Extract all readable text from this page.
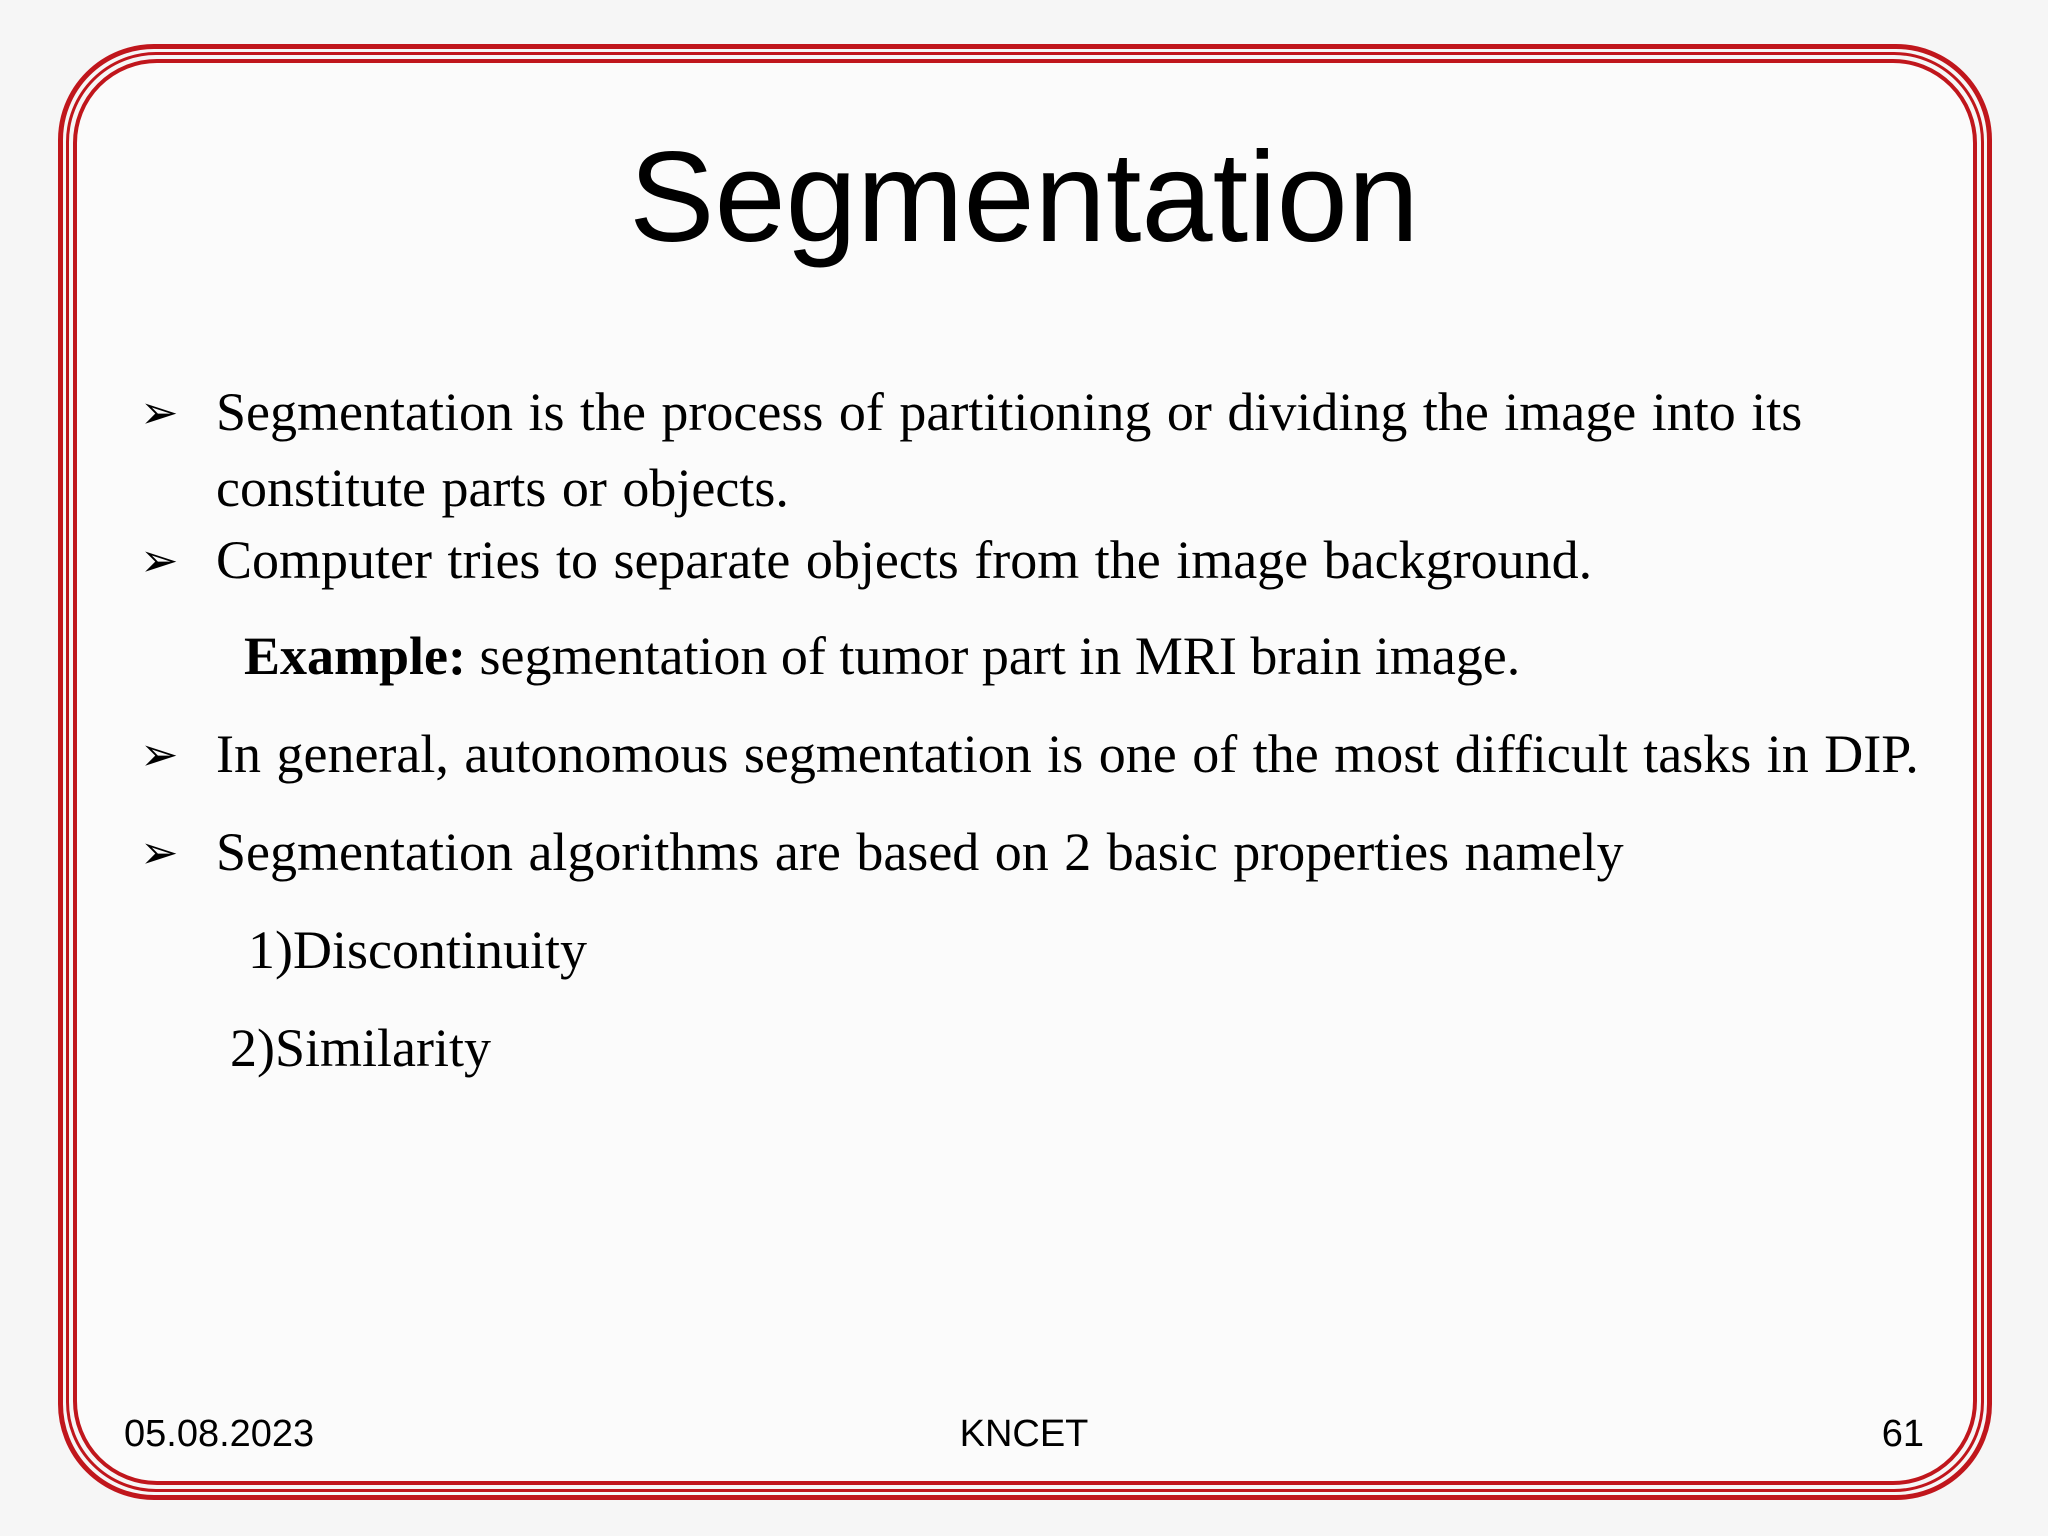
Segmentation
➢ Segmentation is the process of partitioning or dividing the image into its constitute parts or objects.
➢ Computer tries to separate objects from the image background.
Example: segmentation of tumor part in MRI brain image.
➢ In general, autonomous segmentation is one of the most difficult tasks in DIP.
➢ Segmentation algorithms are based on 2 basic properties namely
1)Discontinuity
2)Similarity
05.08.2023	KNCET	61
